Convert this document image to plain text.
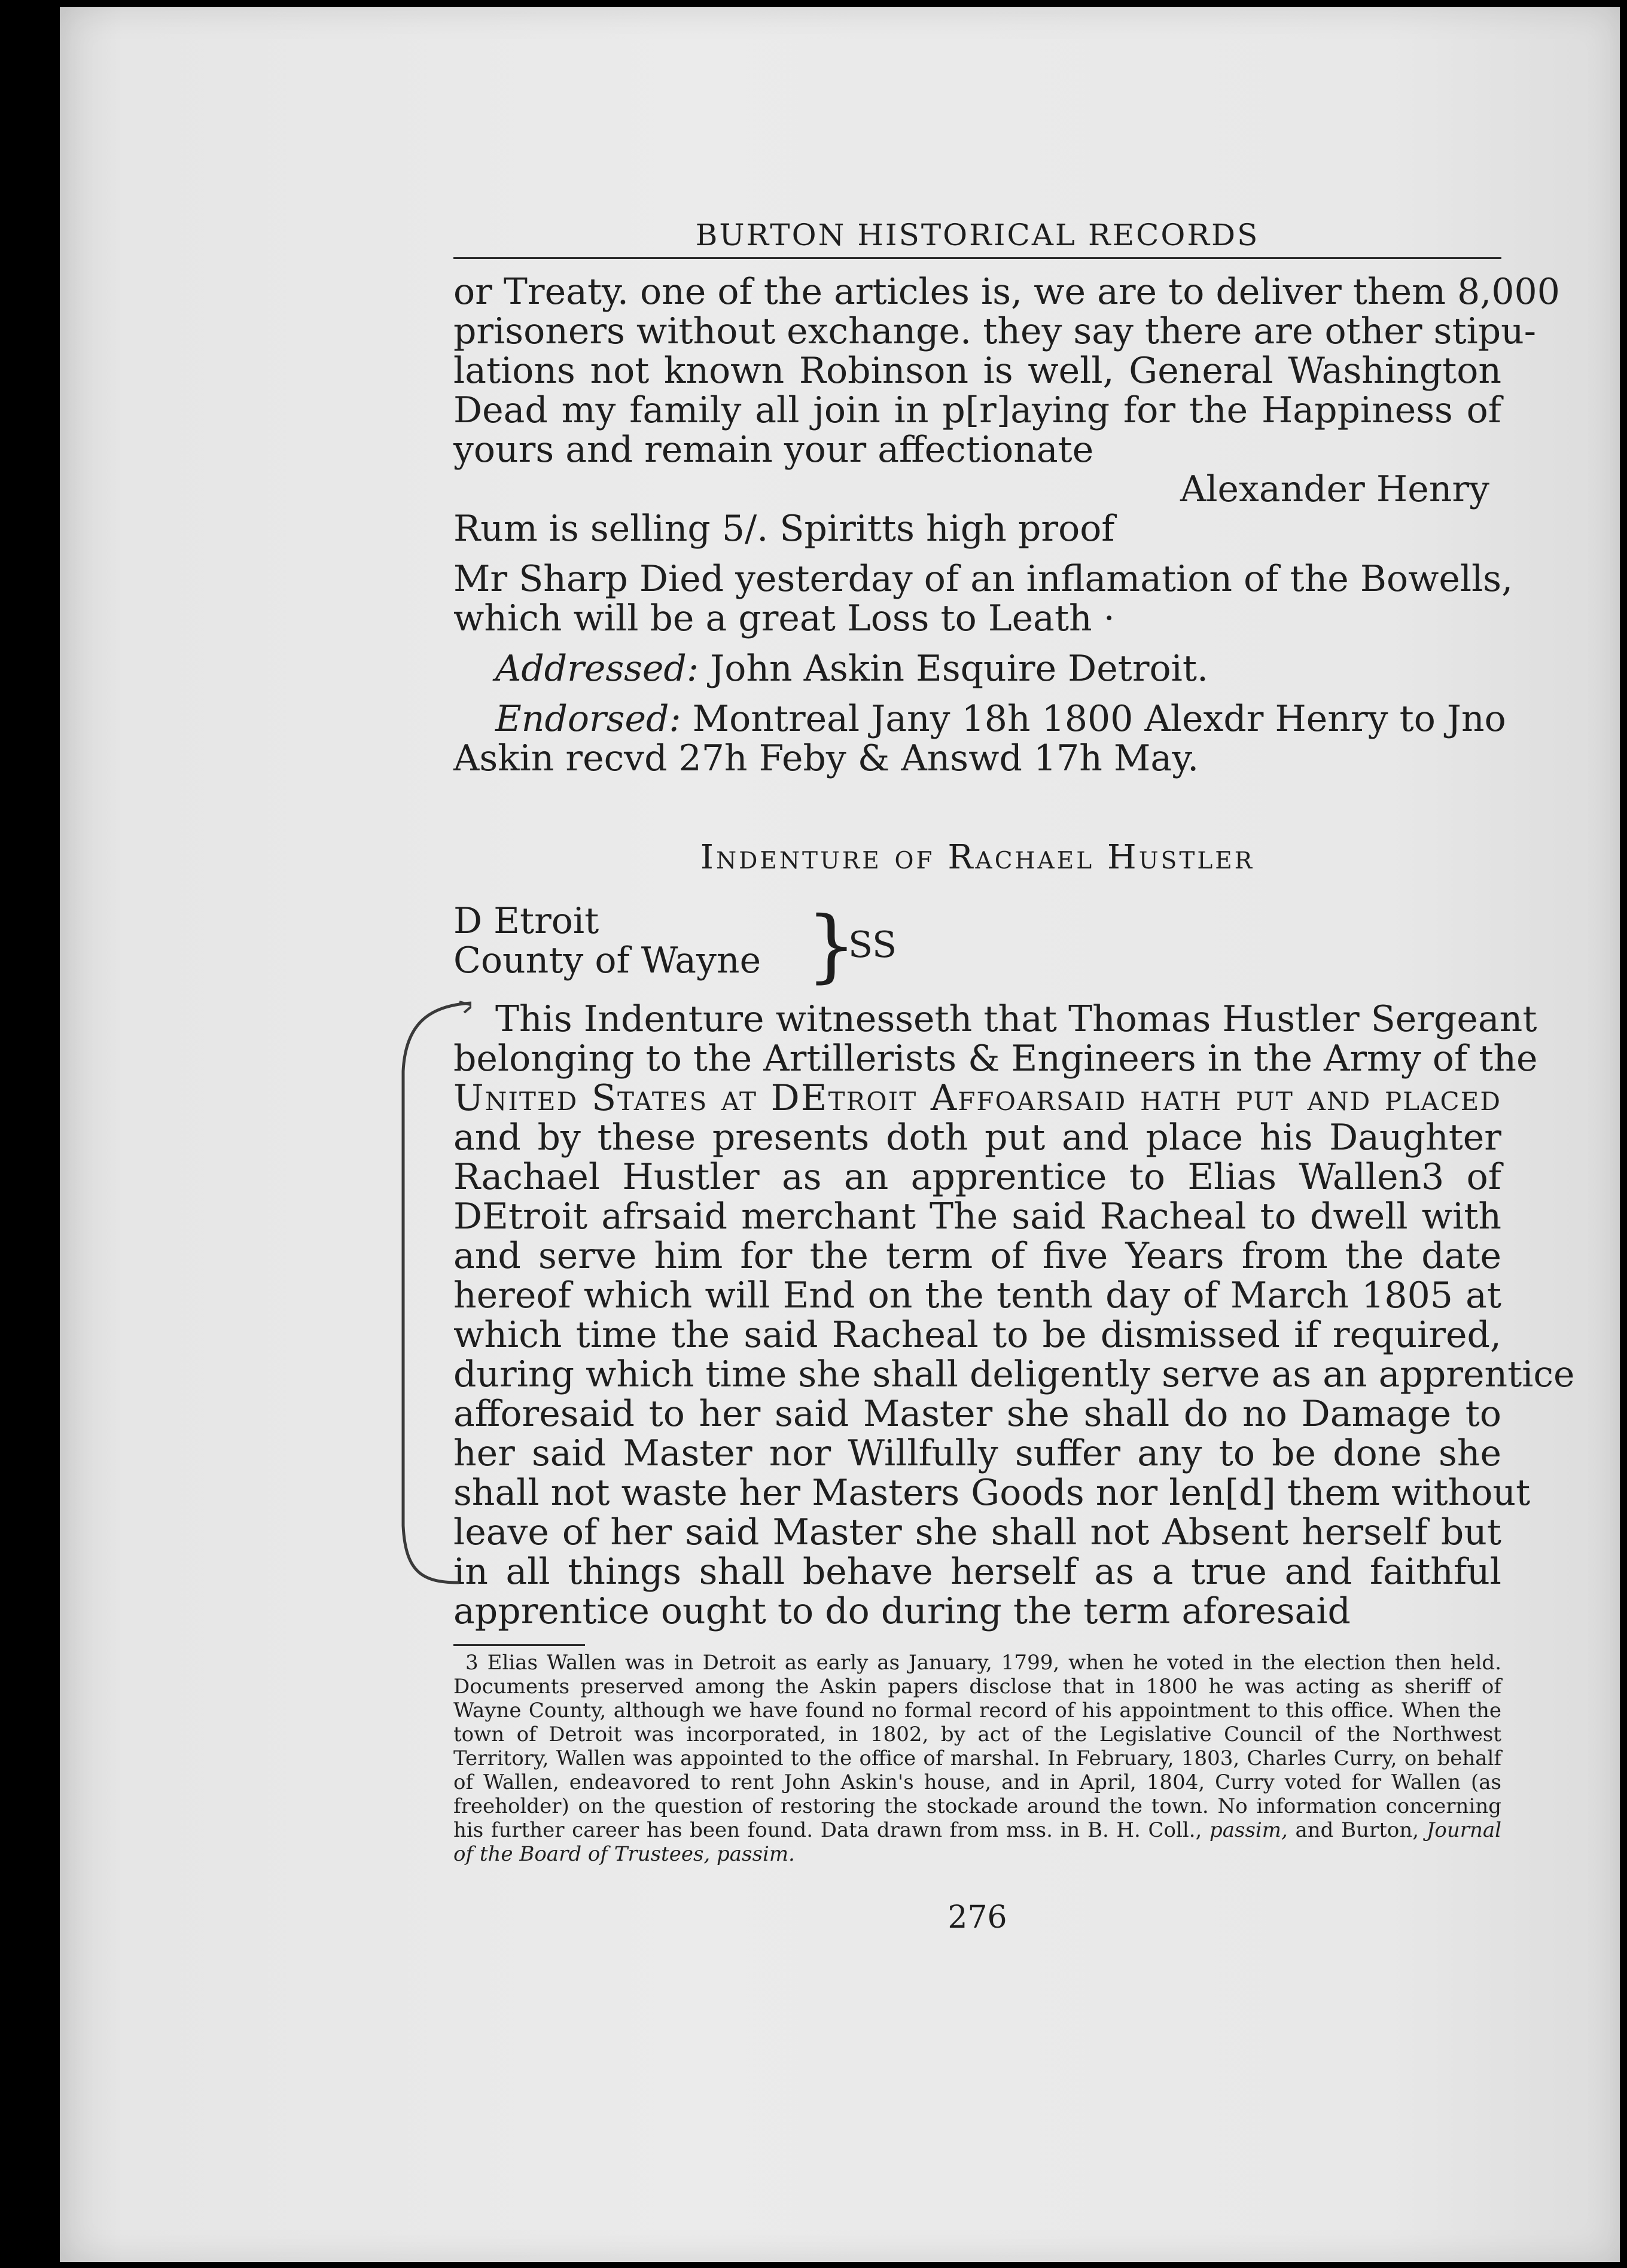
BURTON HISTORICAL RECORDS
or Treaty. one of the articles is, we are to deliver them 8,000
prisoners without exchange. they say there are other stipu-
lations not known Robinson is well, General Washington
Dead my family all join in p[r]aying for the Happiness of
yours and remain your affectionate
Alexander Henry
Rum is selling 5/. Spiritts high proof
Mr Sharp Died yesterday of an inflamation of the Bowells,
which will be a great Loss to Leath ·
Addressed: John Askin Esquire Detroit.
Endorsed: Montreal Jany 18h 1800 Alexdr Henry to Jno
Askin recvd 27h Feby & Answd 17h May.
Indenture of Rachael Hustler
D Etroit
County of Wayne }
SS
This Indenture witnesseth that Thomas Hustler Sergeant
belonging to the Artillerists & Engineers in the Army of the
United States at DEtroit Affoarsaid hath put and placed
and by these presents doth put and place his Daughter
Rachael Hustler as an apprentice to Elias Wallen3 of
DEtroit afrsaid merchant The said Racheal to dwell with
and serve him for the term of five Years from the date
hereof which will End on the tenth day of March 1805 at
which time the said Racheal to be dismissed if required,
during which time she shall deligently serve as an apprentice
afforesaid to her said Master she shall do no Damage to
her said Master nor Willfully suffer any to be done she
shall not waste her Masters Goods nor len[d] them without
leave of her said Master she shall not Absent herself but
in all things shall behave herself as a true and faithful
apprentice ought to do during the term aforesaid
3 Elias Wallen was in Detroit as early as January, 1799, when he voted in the election then held. Documents preserved among the Askin papers disclose that in 1800 he was acting as sheriff of Wayne County, although we have found no formal record of his appointment to this office. When the town of Detroit was incorporated, in 1802, by act of the Legislative Council of the Northwest Territory, Wallen was appointed to the office of marshal. In February, 1803, Charles Curry, on behalf of Wallen, endeavored to rent John Askin's house, and in April, 1804, Curry voted for Wallen (as freeholder) on the question of restoring the stockade around the town. No information concerning his further career has been found. Data drawn from mss. in B. H. Coll., passim, and Burton, Journal of the Board of Trustees, passim.
276
